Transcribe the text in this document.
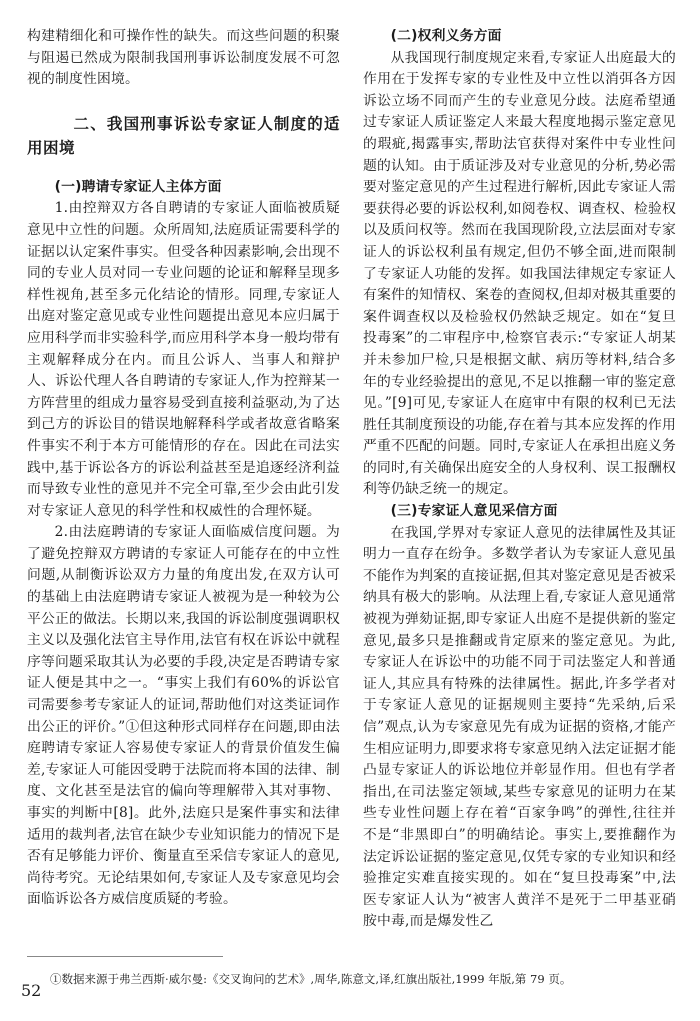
构建精细化和可操作性的缺失。而这些问题的积聚与阻遏已然成为限制我国刑事诉讼制度发展不可忽视的制度性困境。

二、我国刑事诉讼专家证人制度的适用困境
(一)聘请专家证人主体方面

1.由控辩双方各自聘请的专家证人面临被质疑意见中立性的问题。众所周知,法庭质证需要科学的证据以认定案件事实。但受各种因素影响,会出现不同的专业人员对同一专业问题的论证和解释呈现多样性视角,甚至多元化结论的情形。同理,专家证人出庭对鉴定意见或专业性问题提出意见本应归属于应用科学而非实验科学,而应用科学本身一般均带有主观解释成分在内。而且公诉人、当事人和辩护人、诉讼代理人各自聘请的专家证人,作为控辩某一方阵营里的组成力量容易受到直接利益驱动,为了达到己方的诉讼目的错误地解释科学或者故意省略案件事实不利于本方可能情形的存在。因此在司法实践中,基于诉讼各方的诉讼利益甚至是追逐经济利益而导致专业性的意见并不完全可靠,至少会由此引发对专家证人意见的科学性和权威性的合理怀疑。

2.由法庭聘请的专家证人面临威信度问题。为了避免控辩双方聘请的专家证人可能存在的中立性问题,从制衡诉讼双方力量的角度出发,在双方认可的基础上由法庭聘请专家证人被视为是一种较为公平公正的做法。长期以来,我国的诉讼制度强调职权主义以及强化法官主导作用,法官有权在诉讼中就程序等问题采取其认为必要的手段,决定是否聘请专家证人便是其中之一。“事实上我们有60%的诉讼官司需要参考专家证人的证词,帮助他们对这类证词作出公正的评价。”①但这种形式同样存在问题,即由法庭聘请专家证人容易使专家证人的背景价值发生偏差,专家证人可能因受聘于法院而将本国的法律、制度、文化甚至是法官的偏向等理解带入其对事物、事实的判断中[8]。此外,法庭只是案件事实和法律适用的裁判者,法官在缺少专业知识能力的情况下是否有足够能力评价、衡量直至采信专家证人的意见,尚待考究。无论结果如何,专家证人及专家意见均会面临诉讼各方威信度质疑的考验。

(二)权利义务方面

从我国现行制度规定来看,专家证人出庭最大的作用在于发挥专家的专业性及中立性以消弭各方因诉讼立场不同而产生的专业意见分歧。法庭希望通过专家证人质证鉴定人来最大程度地揭示鉴定意见的瑕疵,揭露事实,帮助法官获得对案件中专业性问题的认知。由于质证涉及对专业意见的分析,势必需要对鉴定意见的产生过程进行解析,因此专家证人需要获得必要的诉讼权利,如阅卷权、调查权、检验权以及质问权等。然而在我国现阶段,立法层面对专家证人的诉讼权利虽有规定,但仍不够全面,进而限制了专家证人功能的发挥。如我国法律规定专家证人有案件的知情权、案卷的查阅权,但却对极其重要的案件调查权以及检验权仍然缺乏规定。如在“复旦投毒案”的二审程序中,检察官表示:“专家证人胡某并未参加尸检,只是根据文献、病历等材料,结合多年的专业经验提出的意见,不足以推翻一审的鉴定意见。”[9]可见,专家证人在庭审中有限的权利已无法胜任其制度预设的功能,存在着与其本应发挥的作用严重不匹配的问题。同时,专家证人在承担出庭义务的同时,有关确保出庭安全的人身权利、误工报酬权利等仍缺乏统一的规定。

(三)专家证人意见采信方面

在我国,学界对专家证人意见的法律属性及其证明力一直存在纷争。多数学者认为专家证人意见虽不能作为判案的直接证据,但其对鉴定意见是否被采纳具有极大的影响。从法理上看,专家证人意见通常被视为弹劾证据,即专家证人出庭不是提供新的鉴定意见,最多只是推翻或肯定原来的鉴定意见。为此,专家证人在诉讼中的功能不同于司法鉴定人和普通证人,其应具有特殊的法律属性。据此,许多学者对于专家证人意见的证据规则主要持“先采纳,后采信”观点,认为专家意见先有成为证据的资格,才能产生相应证明力,即要求将专家意见纳入法定证据才能凸显专家证人的诉讼地位并彰显作用。但也有学者指出,在司法鉴定领域,某些专家意见的证明力在某些专业性问题上存在着“百家争鸣”的弹性,往往并不是“非黑即白”的明确结论。事实上,要推翻作为法定诉讼证据的鉴定意见,仅凭专家的专业知识和经验推定实难直接实现的。如在“复旦投毒案”中,法医专家证人认为“被害人黄洋不是死于二甲基亚硝胺中毒,而是爆发性乙

①数据来源于弗兰西斯·威尔曼:《交叉询问的艺术》,周华,陈意文,译,红旗出版社,1999 年版,第 79 页。

52
